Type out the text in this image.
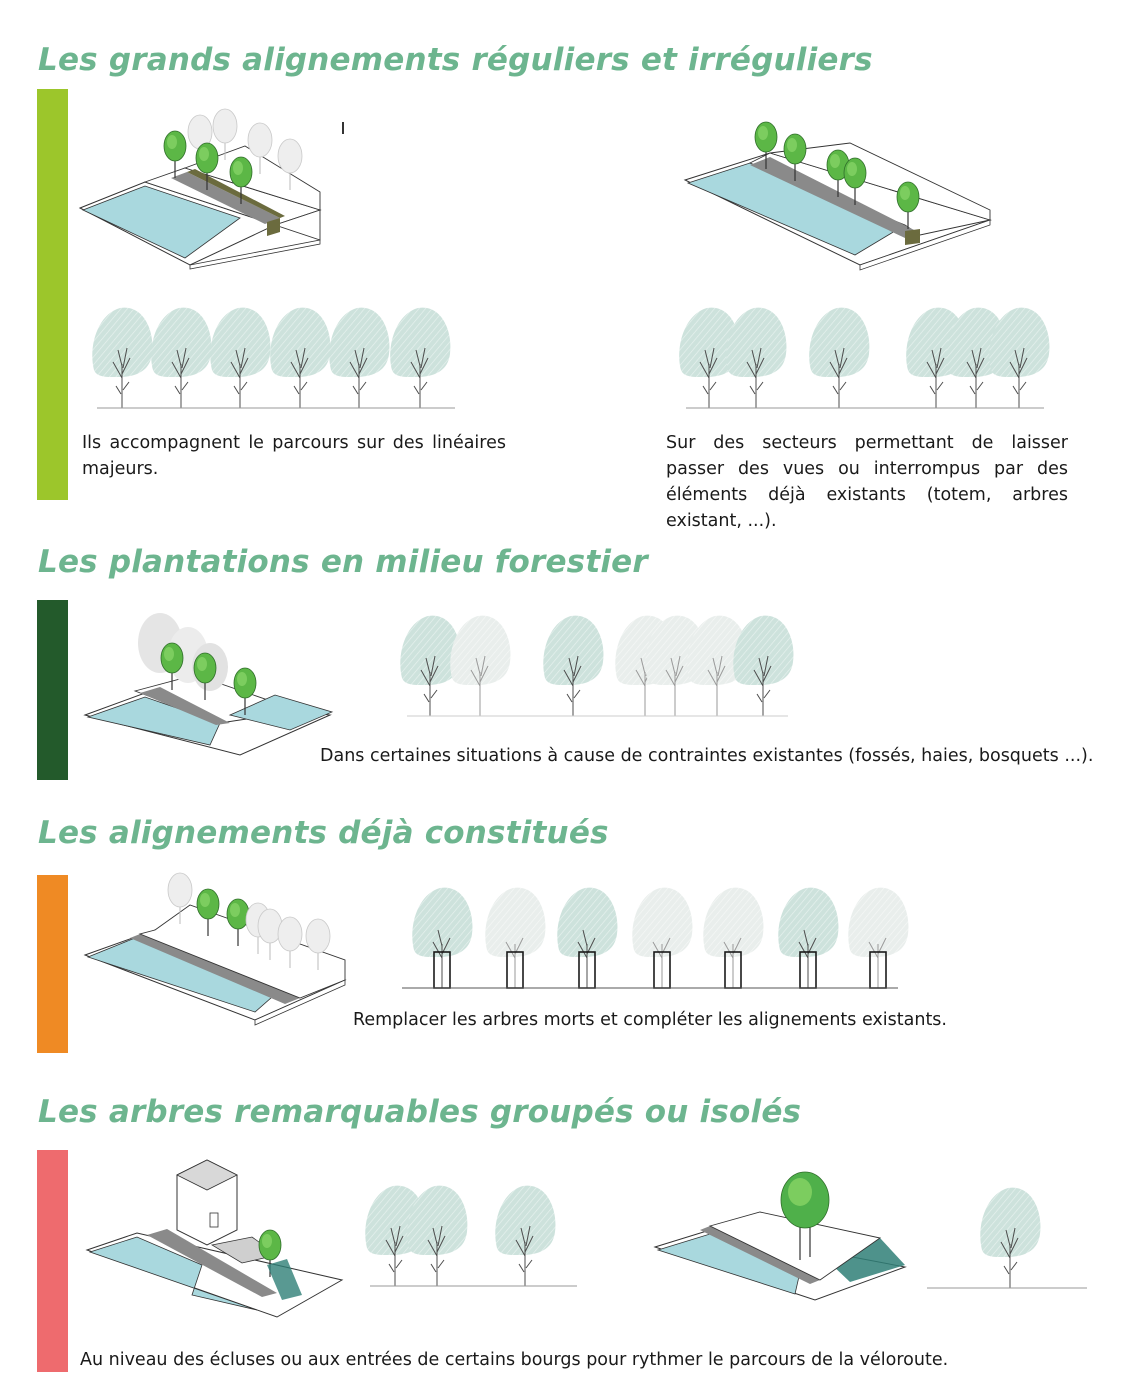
Les grands alignements réguliers et irréguliers
Ils accompagnent le parcours sur des linéaires majeurs.
Sur des secteurs permettant de laisser passer des vues ou interrompus par des éléments déjà existants (totem, arbres existant, ...).
Les plantations en milieu forestier
Dans certaines situations à cause de contraintes existantes (fossés, haies, bosquets ...).
Les alignements déjà constitués
Remplacer les arbres morts et compléter les alignements existants.
Les arbres remarquables groupés ou isolés
Au niveau des écluses ou aux entrées de certains bourgs pour rythmer le parcours de la véloroute.
